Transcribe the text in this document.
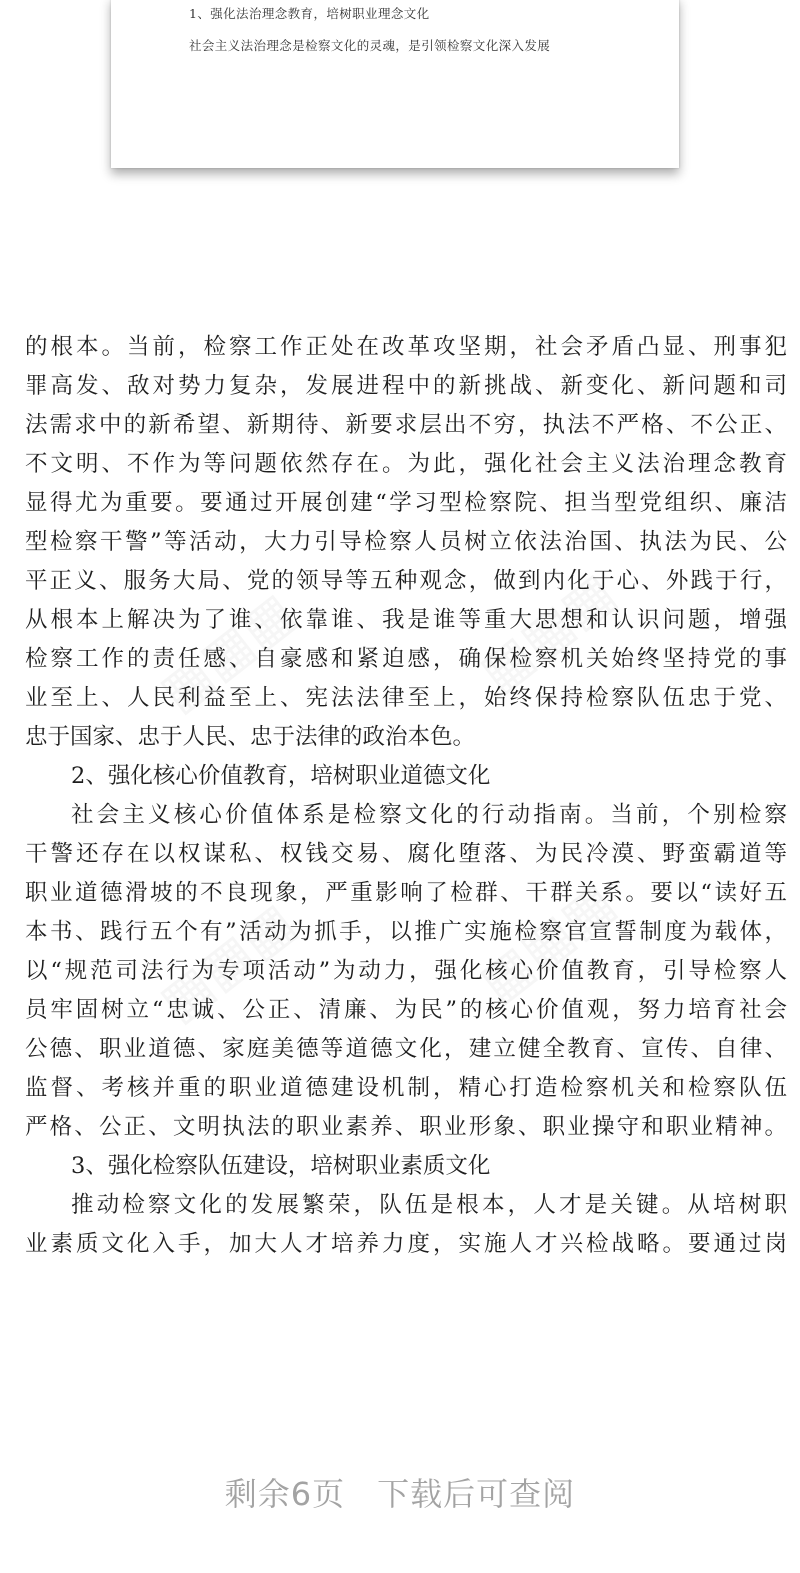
1、强化法治理念教育，培树职业理念文化
社会主义法治理念是检察文化的灵魂，是引领检察文化深入发展
的根本。当前，检察工作正处在改革攻坚期，社会矛盾凸显、刑事犯
罪高发、敌对势力复杂，发展进程中的新挑战、新变化、新问题和司
法需求中的新希望、新期待、新要求层出不穷，执法不严格、不公正、
不文明、不作为等问题依然存在。为此，强化社会主义法治理念教育
显得尤为重要。要通过开展创建“学习型检察院、担当型党组织、廉洁
型检察干警”等活动，大力引导检察人员树立依法治国、执法为民、公
平正义、服务大局、党的领导等五种观念，做到内化于心、外践于行，
从根本上解决为了谁、依靠谁、我是谁等重大思想和认识问题，增强
检察工作的责任感、自豪感和紧迫感，确保检察机关始终坚持党的事
业至上、人民利益至上、宪法法律至上，始终保持检察队伍忠于党、
忠于国家、忠于人民、忠于法律的政治本色。
2、强化核心价值教育，培树职业道德文化
社会主义核心价值体系是检察文化的行动指南。当前，个别检察
干警还存在以权谋私、权钱交易、腐化堕落、为民冷漠、野蛮霸道等
职业道德滑坡的不良现象，严重影响了检群、干群关系。要以“读好五
本书、践行五个有”活动为抓手，以推广实施检察官宣誓制度为载体，
以“规范司法行为专项活动”为动力，强化核心价值教育，引导检察人
员牢固树立“忠诚、公正、清廉、为民”的核心价值观，努力培育社会
公德、职业道德、家庭美德等道德文化，建立健全教育、宣传、自律、
监督、考核并重的职业道德建设机制，精心打造检察机关和检察队伍
严格、公正、文明执法的职业素养、职业形象、职业操守和职业精神。
3、强化检察队伍建设，培树职业素质文化
推动检察文化的发展繁荣，队伍是根本，人才是关键。从培树职
业素质文化入手，加大人才培养力度，实施人才兴检战略。要通过岗
剩余6页 下载后可查阅
